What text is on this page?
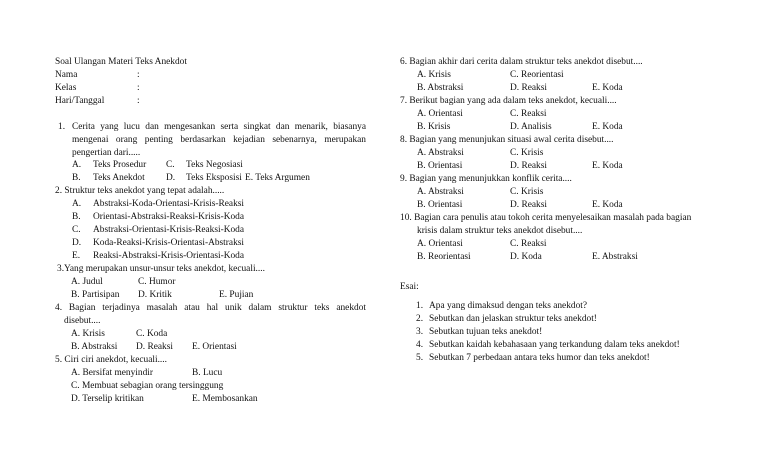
Soal Ulangan Materi Teks Anekdot
Nama	:
Kelas	:
Hari/Tanggal	:
1. Cerita yang lucu dan mengesankan serta singkat dan menarik, biasanya mengenai orang penting berdasarkan kejadian sebenarnya, merupakan pengertian dari.....
A. Teks Prosedur C. Teks Negosiasi
B. Teks Anekdot D. Teks Eksposisi E. Teks Argumen
2. Struktur teks anekdot yang tepat adalah.....
A. Abstraksi-Koda-Orientasi-Krisis-Reaksi
B. Orientasi-Abstraksi-Reaksi-Krisis-Koda
C. Abstraksi-Orientasi-Krisis-Reaksi-Koda
D. Koda-Reaksi-Krisis-Orientasi-Abstraksi
E. Reaksi-Abstraksi-Krisis-Orientasi-Koda
3.Yang merupakan unsur-unsur teks anekdot, kecuali....
A. Judul	C. Humor
B. Partisipan D. Kritik	E. Pujian
4. Bagian terjadinya masalah atau hal unik dalam struktur teks anekdot
disebut....
A. Krisis	C. Koda
B. Abstraksi D. Reaksi E. Orientasi
5. Ciri ciri anekdot, kecuali....
A. Bersifat menyindir	B. Lucu
C. Membuat sebagian orang tersinggung
D. Terselip kritikan	E. Membosankan
6. Bagian akhir dari cerita dalam struktur teks anekdot disebut....
A. Krisis	C. Reorientasi
B. Abstraksi	D. Reaksi	E. Koda
7. Berikut bagian yang ada dalam teks anekdot, kecuali....
A. Orientasi	C. Reaksi
B. Krisis	D. Analisis	E. Koda
8. Bagian yang menunjukan situasi awal cerita disebut....
A. Abstraksi	C. Krisis
B. Orientasi	D. Reaksi	E. Koda
9. Bagian yang menunjukkan konflik cerita....
A. Abstraksi	C. Krisis
B. Orientasi	D. Reaksi	E. Koda
10. Bagian cara penulis atau tokoh cerita menyelesaikan masalah pada bagian
krisis dalam struktur teks anekdot disebut....
A. Orientasi	C. Reaksi
B. Reorientasi	D. Koda	E. Abstraksi
Esai:
1. Apa yang dimaksud dengan teks anekdot?
2. Sebutkan dan jelaskan struktur teks anekdot!
3. Sebutkan tujuan teks anekdot!
4. Sebutkan kaidah kebahasaan yang terkandung dalam teks anekdot!
5. Sebutkan 7 perbedaan antara teks humor dan teks anekdot!
